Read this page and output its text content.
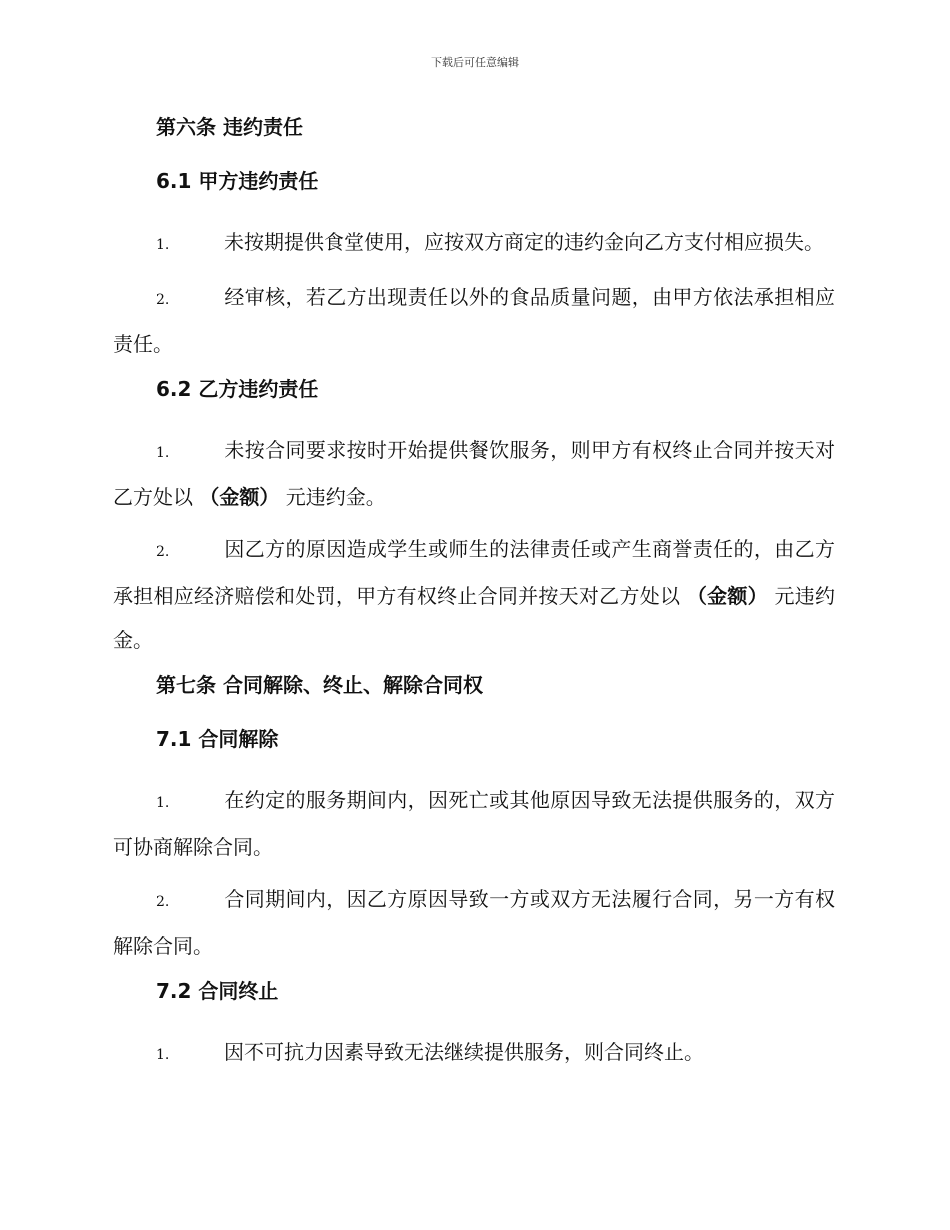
下载后可任意编辑
第六条 违约责任
6.1 甲方违约责任

1.	未按期提供食堂使用，应按双方商定的违约金向乙方支付相应损失。

2.	经审核，若乙方出现责任以外的食品质量问题，由甲方依法承担相应责任。

6.2 乙方违约责任

1.	未按合同要求按时开始提供餐饮服务，则甲方有权终止合同并按天对乙方处以 （金额） 元违约金。

2.	因乙方的原因造成学生或师生的法律责任或产生商誉责任的，由乙方承担相应经济赔偿和处罚，甲方有权终止合同并按天对乙方处以 （金额） 元违约金。

第七条 合同解除、终止、解除合同权
7.1 合同解除

1.	在约定的服务期间内，因死亡或其他原因导致无法提供服务的，双方可协商解除合同。

2.	合同期间内，因乙方原因导致一方或双方无法履行合同，另一方有权解除合同。

7.2 合同终止

1.	因不可抗力因素导致无法继续提供服务，则合同终止。
